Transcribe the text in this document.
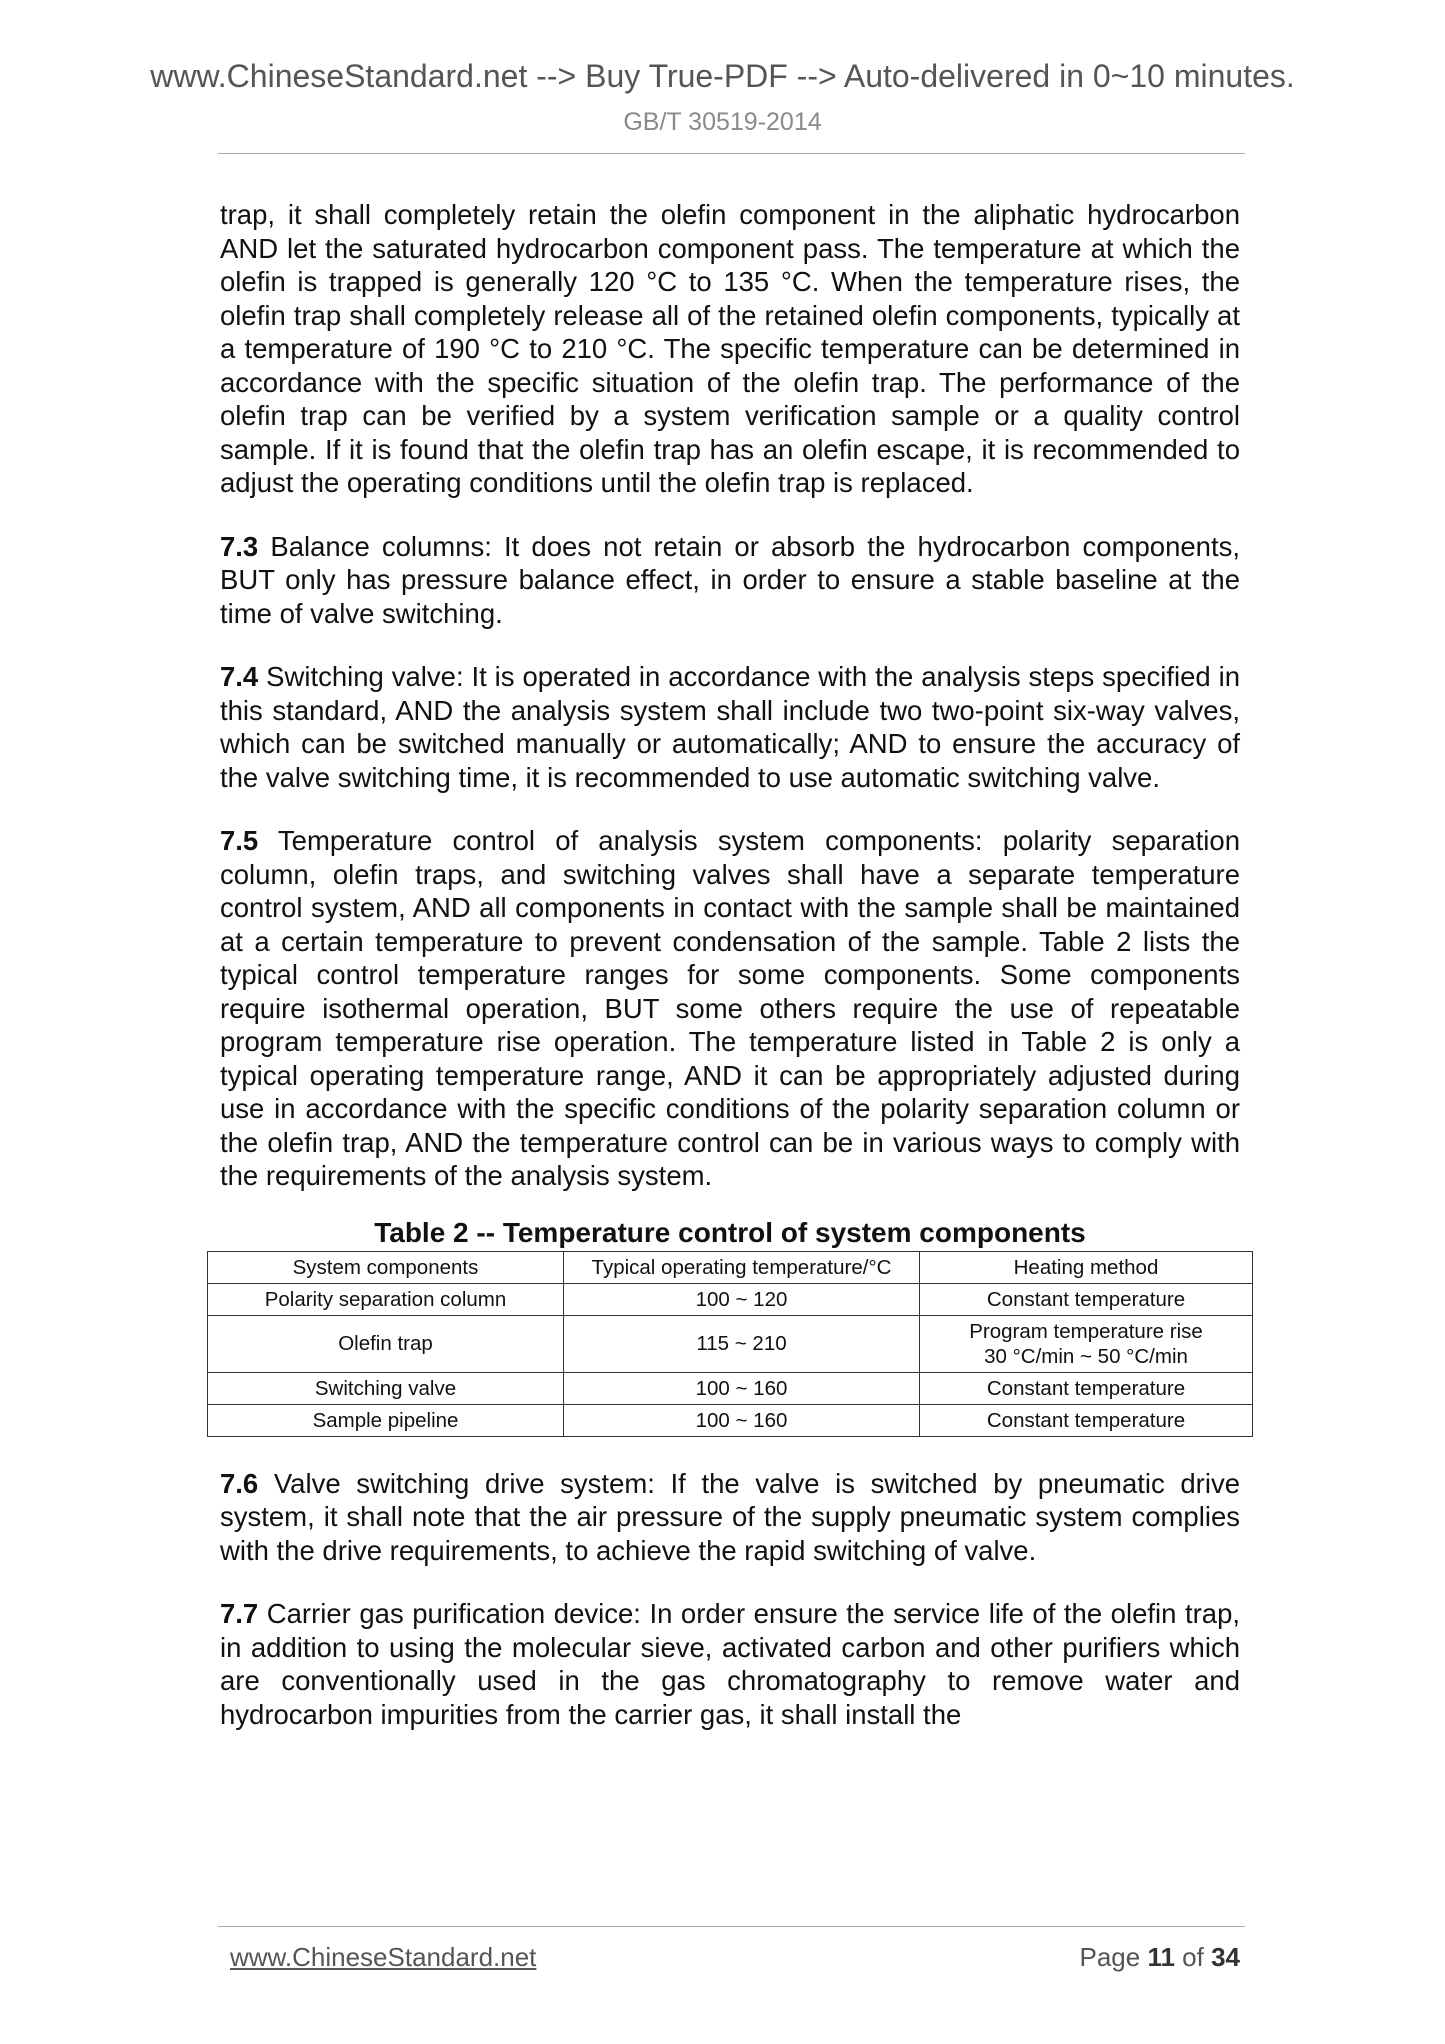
www.ChineseStandard.net --> Buy True-PDF --> Auto-delivered in 0~10 minutes.
GB/T 30519-2014

trap, it shall completely retain the olefin component in the aliphatic hydrocarbon AND let the saturated hydrocarbon component pass. The temperature at which the olefin is trapped is generally 120 °C to 135 °C. When the temperature rises, the olefin trap shall completely release all of the retained olefin components, typically at a temperature of 190 °C to 210 °C. The specific temperature can be determined in accordance with the specific situation of the olefin trap. The performance of the olefin trap can be verified by a system verification sample or a quality control sample. If it is found that the olefin trap has an olefin escape, it is recommended to adjust the operating conditions until the olefin trap is replaced.

7.3 Balance columns: It does not retain or absorb the hydrocarbon components, BUT only has pressure balance effect, in order to ensure a stable baseline at the time of valve switching.

7.4 Switching valve: It is operated in accordance with the analysis steps specified in this standard, AND the analysis system shall include two two-point six-way valves, which can be switched manually or automatically; AND to ensure the accuracy of the valve switching time, it is recommended to use automatic switching valve.

7.5 Temperature control of analysis system components: polarity separation column, olefin traps, and switching valves shall have a separate temperature control system, AND all components in contact with the sample shall be maintained at a certain temperature to prevent condensation of the sample. Table 2 lists the typical control temperature ranges for some components. Some components require isothermal operation, BUT some others require the use of repeatable program temperature rise operation. The temperature listed in Table 2 is only a typical operating temperature range, AND it can be appropriately adjusted during use in accordance with the specific conditions of the polarity separation column or the olefin trap, AND the temperature control can be in various ways to comply with the requirements of the analysis system.

Table 2 -- Temperature control of system components
System components	Typical operating temperature/°C	Heating method
Polarity separation column	100 ~ 120	Constant temperature
Olefin trap	115 ~ 210	Program temperature rise
30 °C/min ~ 50 °C/min

Switching valve	100 ~ 160	Constant temperature
Sample pipeline	100 ~ 160	Constant temperature

7.6 Valve switching drive system: If the valve is switched by pneumatic drive system, it shall note that the air pressure of the supply pneumatic system complies with the drive requirements, to achieve the rapid switching of valve.

7.7 Carrier gas purification device: In order ensure the service life of the olefin trap, in addition to using the molecular sieve, activated carbon and other purifiers which are conventionally used in the gas chromatography to remove water and hydrocarbon impurities from the carrier gas, it shall install the

www.ChineseStandard.net	Page 11 of 34
